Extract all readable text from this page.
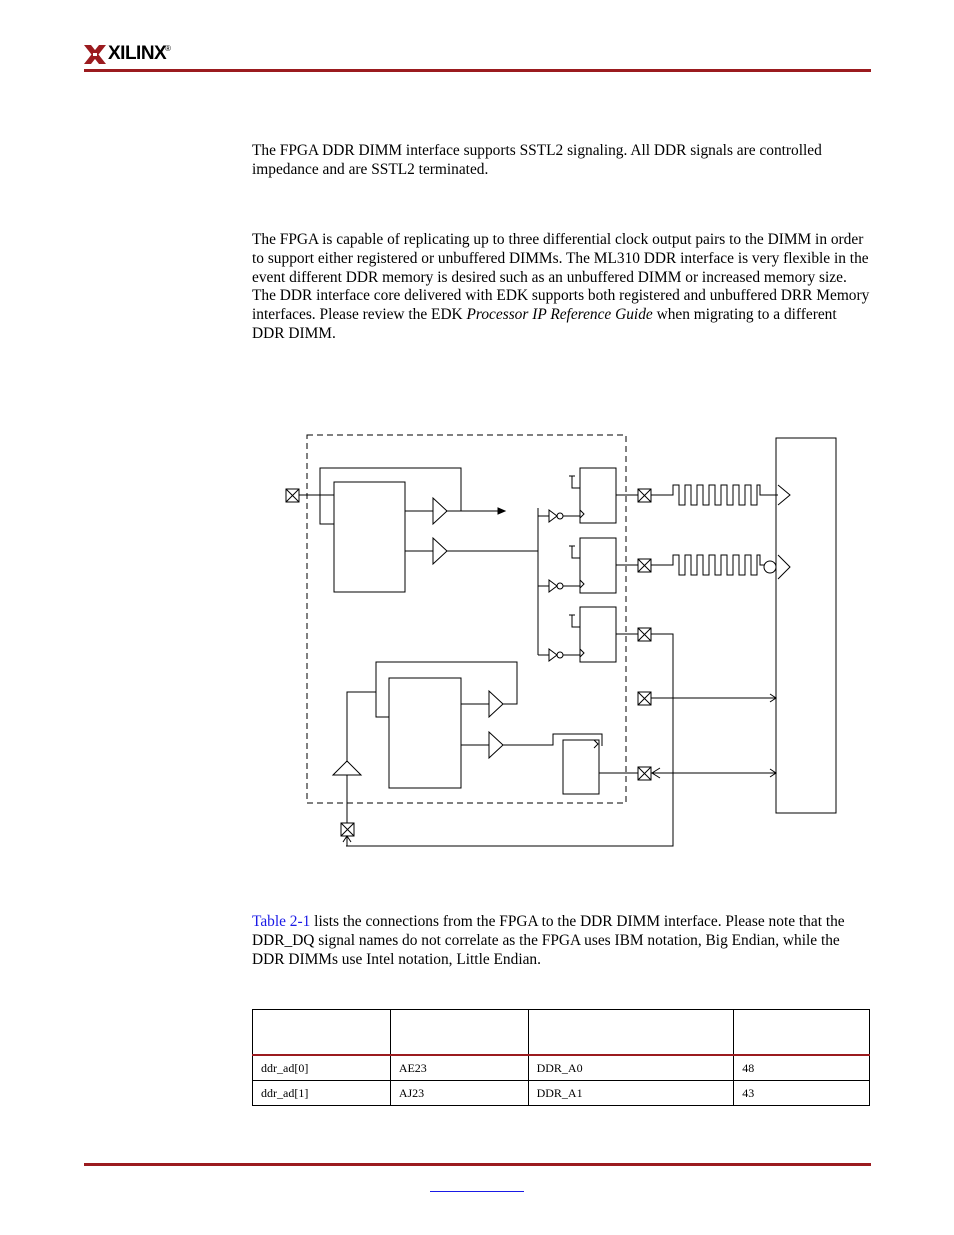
XILINX
®

The FPGA DDR DIMM interface supports SSTL2 signaling. All DDR signals are controlled impedance and are SSTL2 terminated.

The FPGA is capable of replicating up to three differential clock output pairs to the DIMM in order to support either registered or unbuffered DIMMs. The ML310 DDR interface is very flexible in the event different DDR memory is desired such as an unbuffered DIMM or increased memory size. The DDR interface core delivered with EDK supports both registered and unbuffered DRR Memory interfaces. Please review the EDK Processor IP Reference Guide when migrating to a different DDR DIMM.

Table 2-1 lists the connections from the FPGA to the DDR DIMM interface. Please note that the DDR_DQ signal names do not correlate as the FPGA uses IBM notation, Big Endian, while the DDR DIMMs use Intel notation, Little Endian.

ddr_ad[0]	AE23	DDR_A0	48
ddr_ad[1]	AJ23	DDR_A1	43
